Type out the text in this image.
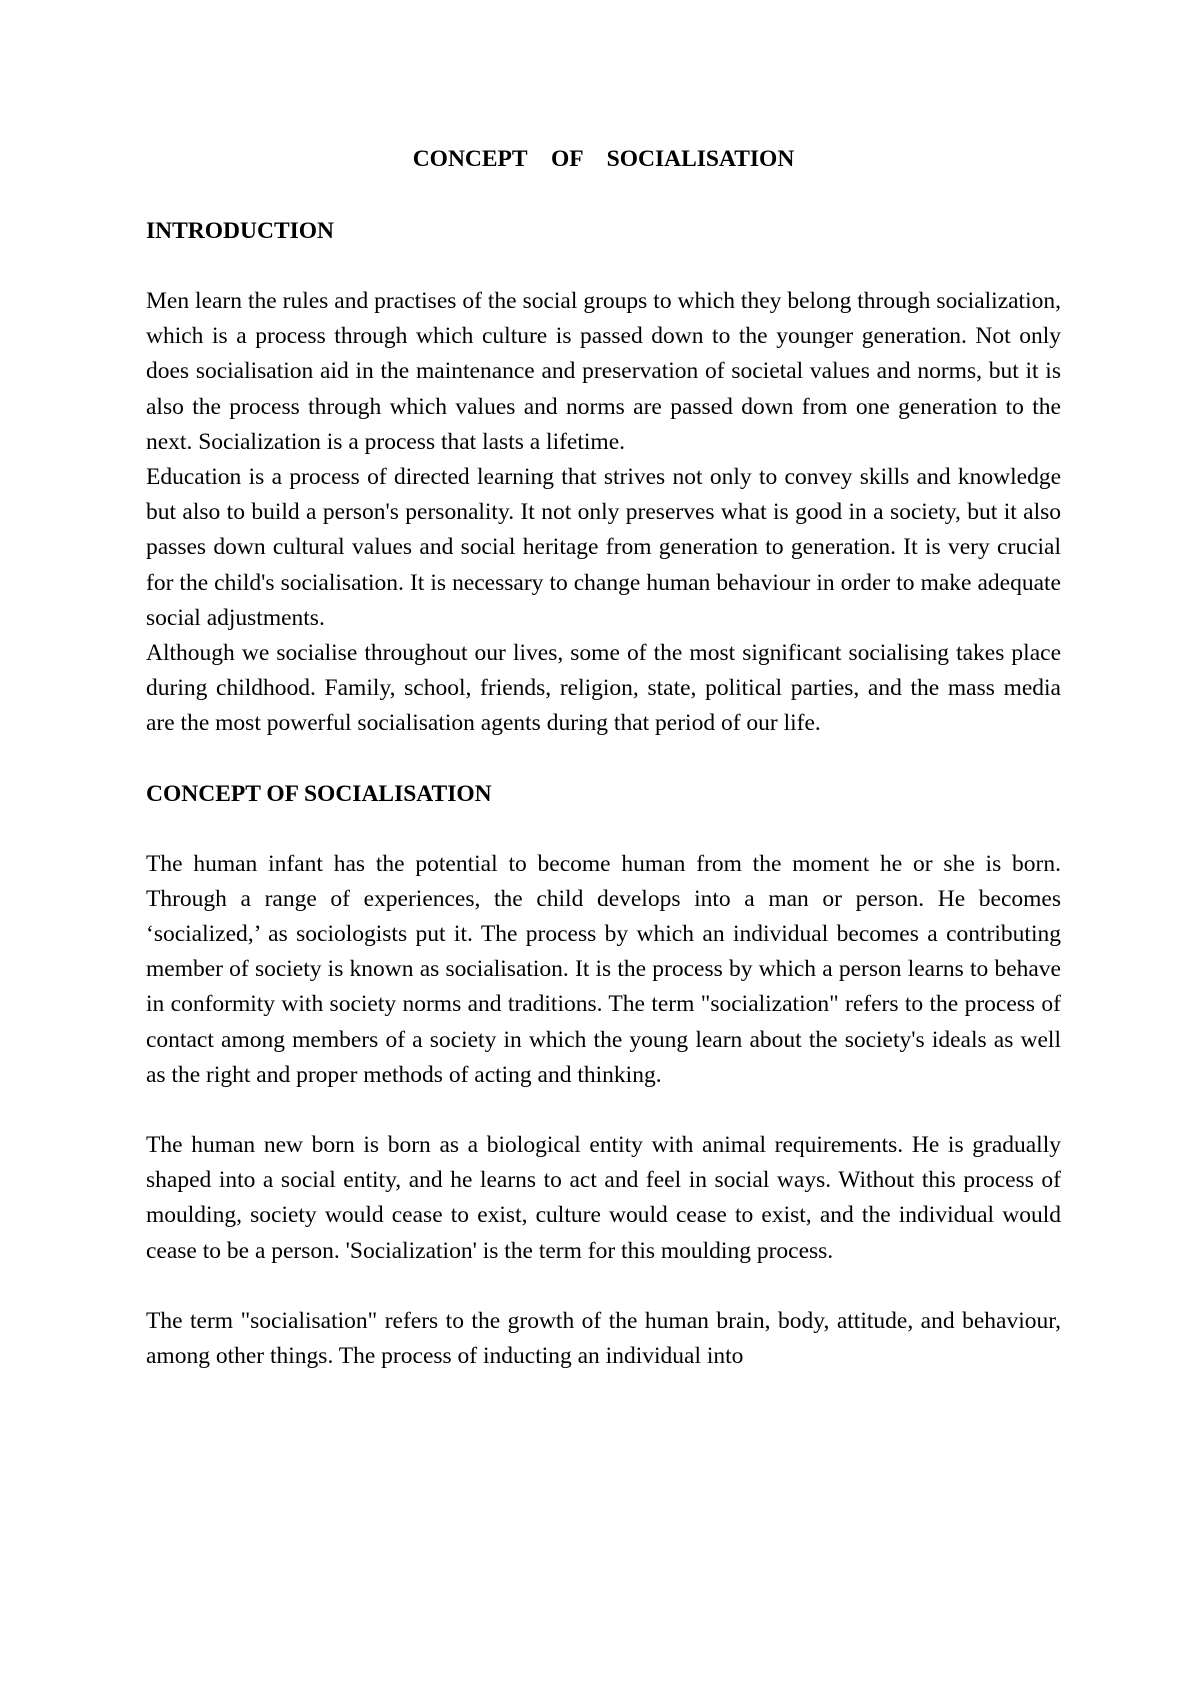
CONCEPT OF SOCIALISATION
INTRODUCTION

Men learn the rules and practises of the social groups to which they belong through socialization, which is a process through which culture is passed down to the younger generation. Not only does socialisation aid in the maintenance and preservation of societal values and norms, but it is also the process through which values and norms are passed down from one generation to the next. Socialization is a process that lasts a lifetime.

Education is a process of directed learning that strives not only to convey skills and knowledge but also to build a person's personality. It not only preserves what is good in a society, but it also passes down cultural values and social heritage from generation to generation. It is very crucial for the child's socialisation. It is necessary to change human behaviour in order to make adequate social adjustments.

Although we socialise throughout our lives, some of the most significant socialising takes place during childhood. Family, school, friends, religion, state, political parties, and the mass media are the most powerful socialisation agents during that period of our life.

CONCEPT OF SOCIALISATION

The human infant has the potential to become human from the moment he or she is born. Through a range of experiences, the child develops into a man or person. He becomes ‘socialized,’ as sociologists put it. The process by which an individual becomes a contributing member of society is known as socialisation. It is the process by which a person learns to behave in conformity with society norms and traditions. The term "socialization" refers to the process of contact among members of a society in which the young learn about the society's ideals as well as the right and proper methods of acting and thinking.

The human new born is born as a biological entity with animal requirements. He is gradually shaped into a social entity, and he learns to act and feel in social ways. Without this process of moulding, society would cease to exist, culture would cease to exist, and the individual would cease to be a person. 'Socialization' is the term for this moulding process.

The term "socialisation" refers to the growth of the human brain, body, attitude, and behaviour, among other things. The process of inducting an individual into
